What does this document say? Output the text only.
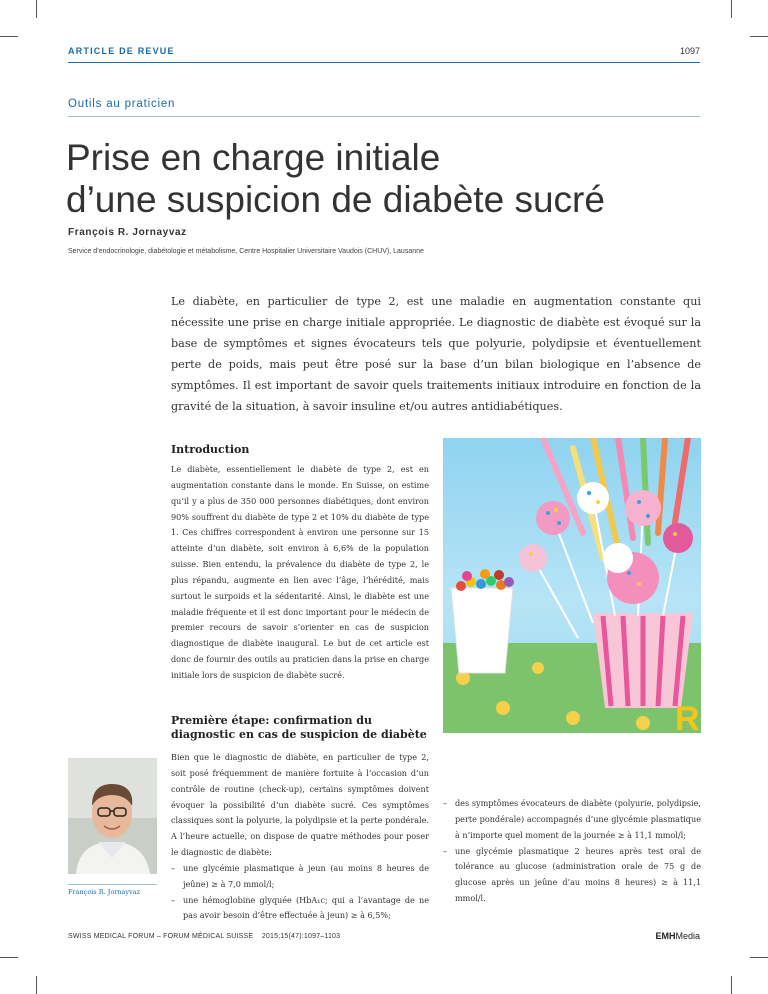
ARTICLE DE REVUE	1097
Outils au praticien
Prise en charge initiale
d’une suspicion de diabète sucré
François R. Jornayvaz
Service d’endocrinologie, diabétologie et métabolisme, Centre Hospitalier Universitaire Vaudois (CHUV), Lausanne

Le diabète, en particulier de type 2, est une maladie en augmentation constante qui nécessite une prise en charge initiale appropriée. Le diagnostic de diabète est évoqué sur la base de symptômes et signes évocateurs tels que polyurie, polydipsie et éventuellement perte de poids, mais peut être posé sur la base d’un bilan biologique en l’absence de symptômes. Il est important de savoir quels traitements initiaux introduire en fonction de la gravité de la situation, à savoir insuline et/ou autres antidiabétiques.

Introduction

Le diabète, essentiellement le diabète de type 2, est en augmentation constante dans le monde. En Suisse, on estime qu’il y a plus de 350 000 personnes diabétiques, dont environ 90% souffrent du diabète de type 2 et 10% du diabète de type 1. Ces chiffres correspondent à environ une personne sur 15 atteinte d’un diabète, soit environ à 6,6% de la population suisse. Bien entendu, la prévalence du diabète de type 2, le plus répandu, augmente en lien avec l’âge, l’hérédité, mais surtout le surpoids et la sédentarité. Ainsi, le diabète est une maladie fréquente et il est donc important pour le médecin de premier recours de savoir s’orienter en cas de suspicion diagnostique de diabète inaugural. Le but de cet article est donc de fournir des outils au praticien dans la prise en charge initiale lors de suspicion de diabète sucré.

R
Première étape: confirmation du diagnostic en cas de suspicion de diabète
François R. Jornayvaz
Bien que le diagnostic de diabète, en particulier de type 2, soit posé fréquemment de manière fortuite à l’occasion d’un contrôle de routine (check-up), certains symptômes doivent évoquer la possibilité d’un diabète sucré. Ces symptômes classiques sont la polyurie, la polydipsie et la perte pondérale. A l’heure actuelle, on dispose de quatre méthodes pour poser le diagnostic de diabète:
– une glycémie plasmatique à jeun (au moins 8 heures de jeûne) ≥ à 7,0 mmol/l;
– une hémoglobine glyquée (HbA₁c; qui a l’avantage de ne pas avoir besoin d’être effectuée à jeun) ≥ à 6,5%;
– des symptômes évocateurs de diabète (polyurie, polydipsie, perte pondérale) accompagnés d’une glycémie plasmatique à n’importe quel moment de la journée ≥ à 11,1 mmol/l;
– une glycémie plasmatique 2 heures après test oral de tolérance au glucose (administration orale de 75 g de glucose après un jeûne d’au moins 8 heures) ≥ à 11,1 mmol/l.
SWISS MEDICAL FORUM – FORUM MÉDICAL SUISSE    2015;15(47):1097–1103	EMHMedia
